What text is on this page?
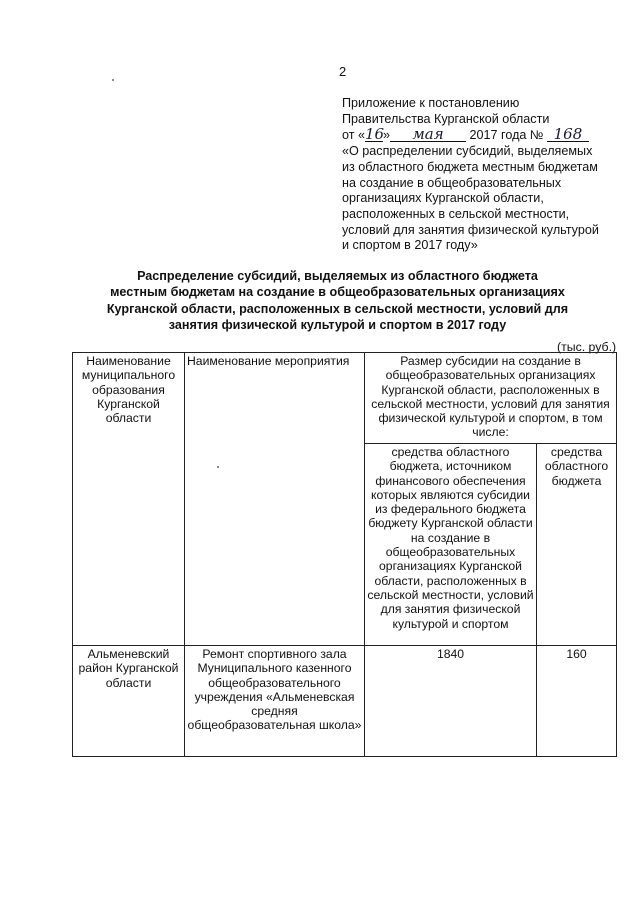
2
Приложение к постановлению
Правительства Курганской области
от «16» мая 2017 года № 168
«О распределении субсидий, выделяемых
из областного бюджета местным бюджетам
на создание в общеобразовательных
организациях Курганской области,
расположенных в сельской местности,
условий для занятия физической культурой
и спортом в 2017 году»
Распределение субсидий, выделяемых из областного бюджета
местным бюджетам на создание в общеобразовательных организациях
Курганской области, расположенных в сельской местности, условий для
занятия физической культурой и спортом в 2017 году
(тыс. руб.)
Наименование муниципального образования Курганской области	Наименование мероприятия	Размер субсидии на создание в общеобразовательных организациях Курганской области, расположенных в сельской местности, условий для занятия физической культурой и спортом, в том числе:	
		средства областного бюджета, источником финансового обеспечения которых являются субсидии из федерального бюджета бюджету Курганской области на создание в общеобразовательных организациях Курганской области, расположенных в сельской местности, условий для занятия физической культурой и спортом	средства областного бюджета
Альменевский район Курганской области	Ремонт спортивного зала Муниципального казенного общеобразовательного учреждения «Альменевская средняя общеобразовательная школа»	1840	160
